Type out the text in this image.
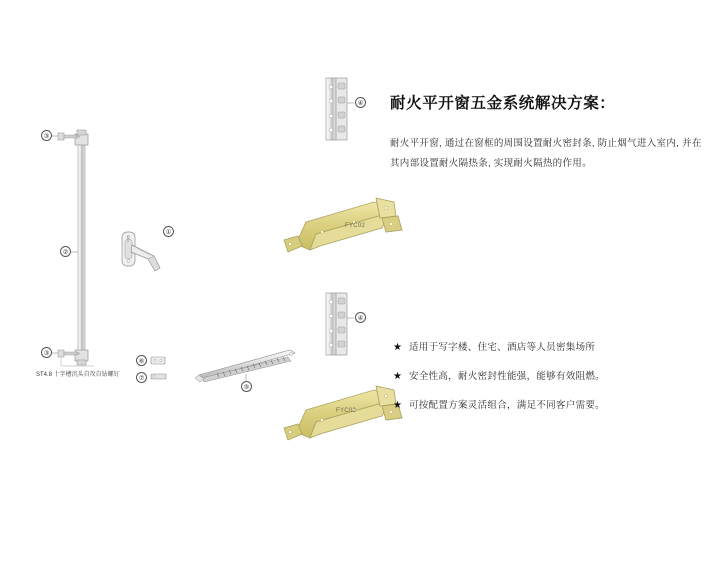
①
②
③
③
④
④
⑤
⑥
⑦
ST4.8 十字槽沉头自攻自钻螺钉
FYC02
FYC02
耐火平开窗五金系统解决方案：

耐火平开窗, 通过在窗框的周围设置耐火密封条, 防止烟气进入室内, 并在其内部设置耐火隔热条, 实现耐火隔热的作用。

★ 适用于写字楼、住宅、酒店等人员密集场所
★ 安全性高，耐火密封性能强，能够有效阻燃。
★ 可按配置方案灵活组合，满足不同客户需要。
